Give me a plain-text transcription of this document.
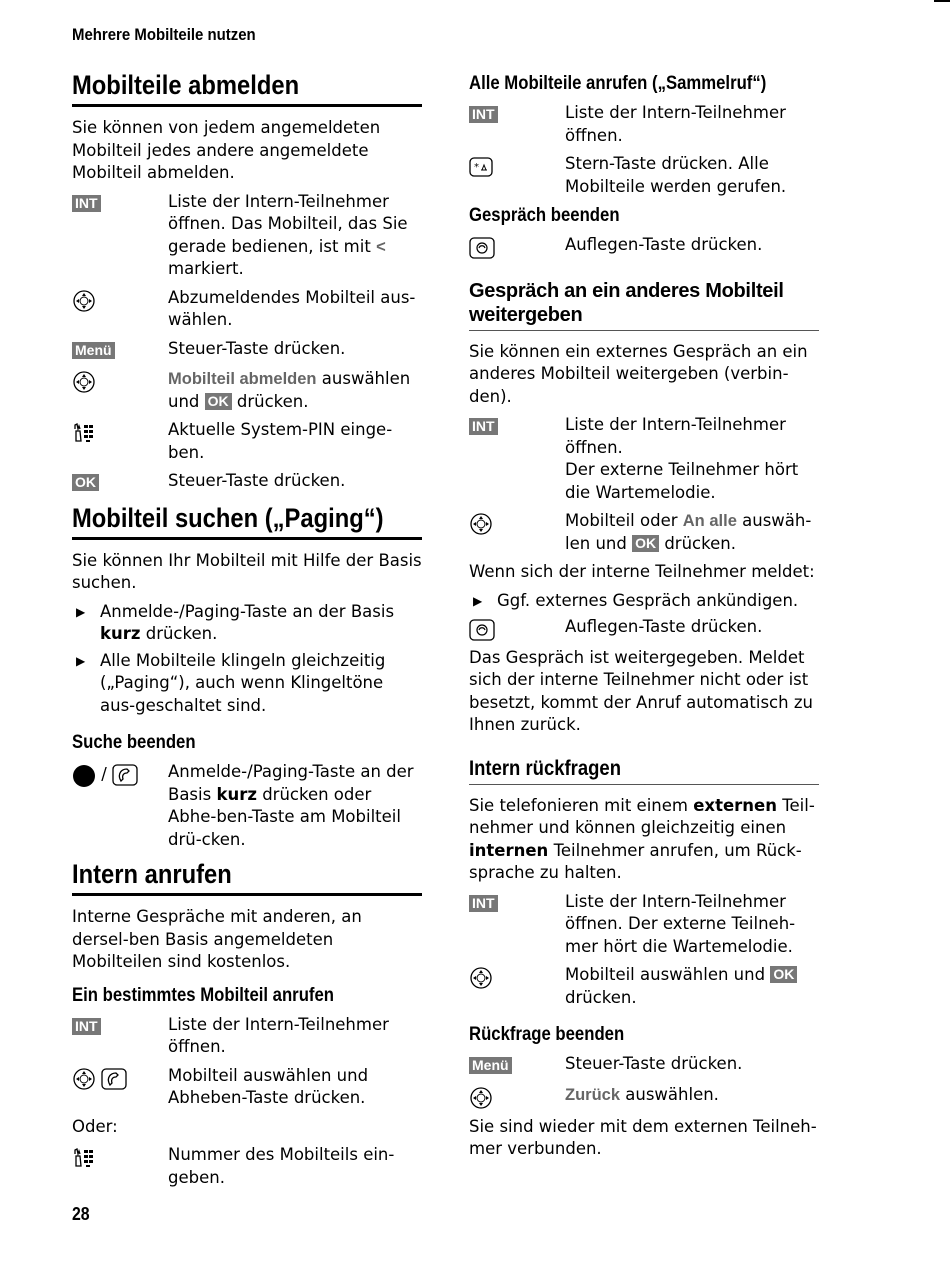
Mehrere Mobilteile nutzen
Mobilteile abmelden
Sie können von jedem angemeldeten Mobilteil jedes andere angemeldete Mobilteil abmelden.
INT	Liste der Intern-Teilnehmer öffnen. Das Mobilteil, das Sie gerade bedienen, ist mit < markiert.
Abzumeldendes Mobilteil aus-wählen.
Menü	Steuer-Taste drücken.
Mobilteil abmelden auswählen und OK drücken.
Aktuelle System-PIN einge-ben.
OK	Steuer-Taste drücken.
Mobilteil suchen („Paging“)
Sie können Ihr Mobilteil mit Hilfe der Basis suchen.
▶ Anmelde-/Paging-Taste an der Basis kurz drücken.
▶ Alle Mobilteile klingeln gleichzeitig („Paging“), auch wenn Klingeltöne aus-geschaltet sind.
Suche beenden
/	Anmelde-/Paging-Taste an der Basis kurz drücken oder Abhe-ben-Taste am Mobilteil drü-cken.
Intern anrufen
Interne Gespräche mit anderen, an dersel-ben Basis angemeldeten Mobilteilen sind kostenlos.
Ein bestimmtes Mobilteil anrufen
INT	Liste der Intern-Teilnehmer öffnen.

Mobilteil auswählen und Abheben-Taste drücken.
Oder:
Nummer des Mobilteils ein-geben.
Alle Mobilteile anrufen („Sammelruf“)
INT	Liste der Intern-Teilnehmer öffnen.
*	Stern-Taste drücken. Alle Mobilteile werden gerufen.
Gespräch beenden
Auflegen-Taste drücken.
Gespräch an ein anderes Mobilteil weitergeben
Sie können ein externes Gespräch an ein anderes Mobilteil weitergeben (verbin-den).
INT	Liste der Intern-Teilnehmer öffnen.
Der externe Teilnehmer hört die Wartemelodie.
Mobilteil oder An alle auswäh-len und OK drücken.
Wenn sich der interne Teilnehmer meldet:
▶ Ggf. externes Gespräch ankündigen.
Auflegen-Taste drücken.
Das Gespräch ist weitergegeben. Meldet sich der interne Teilnehmer nicht oder ist besetzt, kommt der Anruf automatisch zu Ihnen zurück.
Intern rückfragen
Sie telefonieren mit einem externen Teil-nehmer und können gleichzeitig einen internen Teilnehmer anrufen, um Rück-sprache zu halten.
INT	Liste der Intern-Teilnehmer öffnen. Der externe Teilneh-mer hört die Wartemelodie.
Mobilteil auswählen und OK drücken.
Rückfrage beenden
Menü	Steuer-Taste drücken.
Zurück auswählen.
Sie sind wieder mit dem externen Teilneh-mer verbunden.
28
